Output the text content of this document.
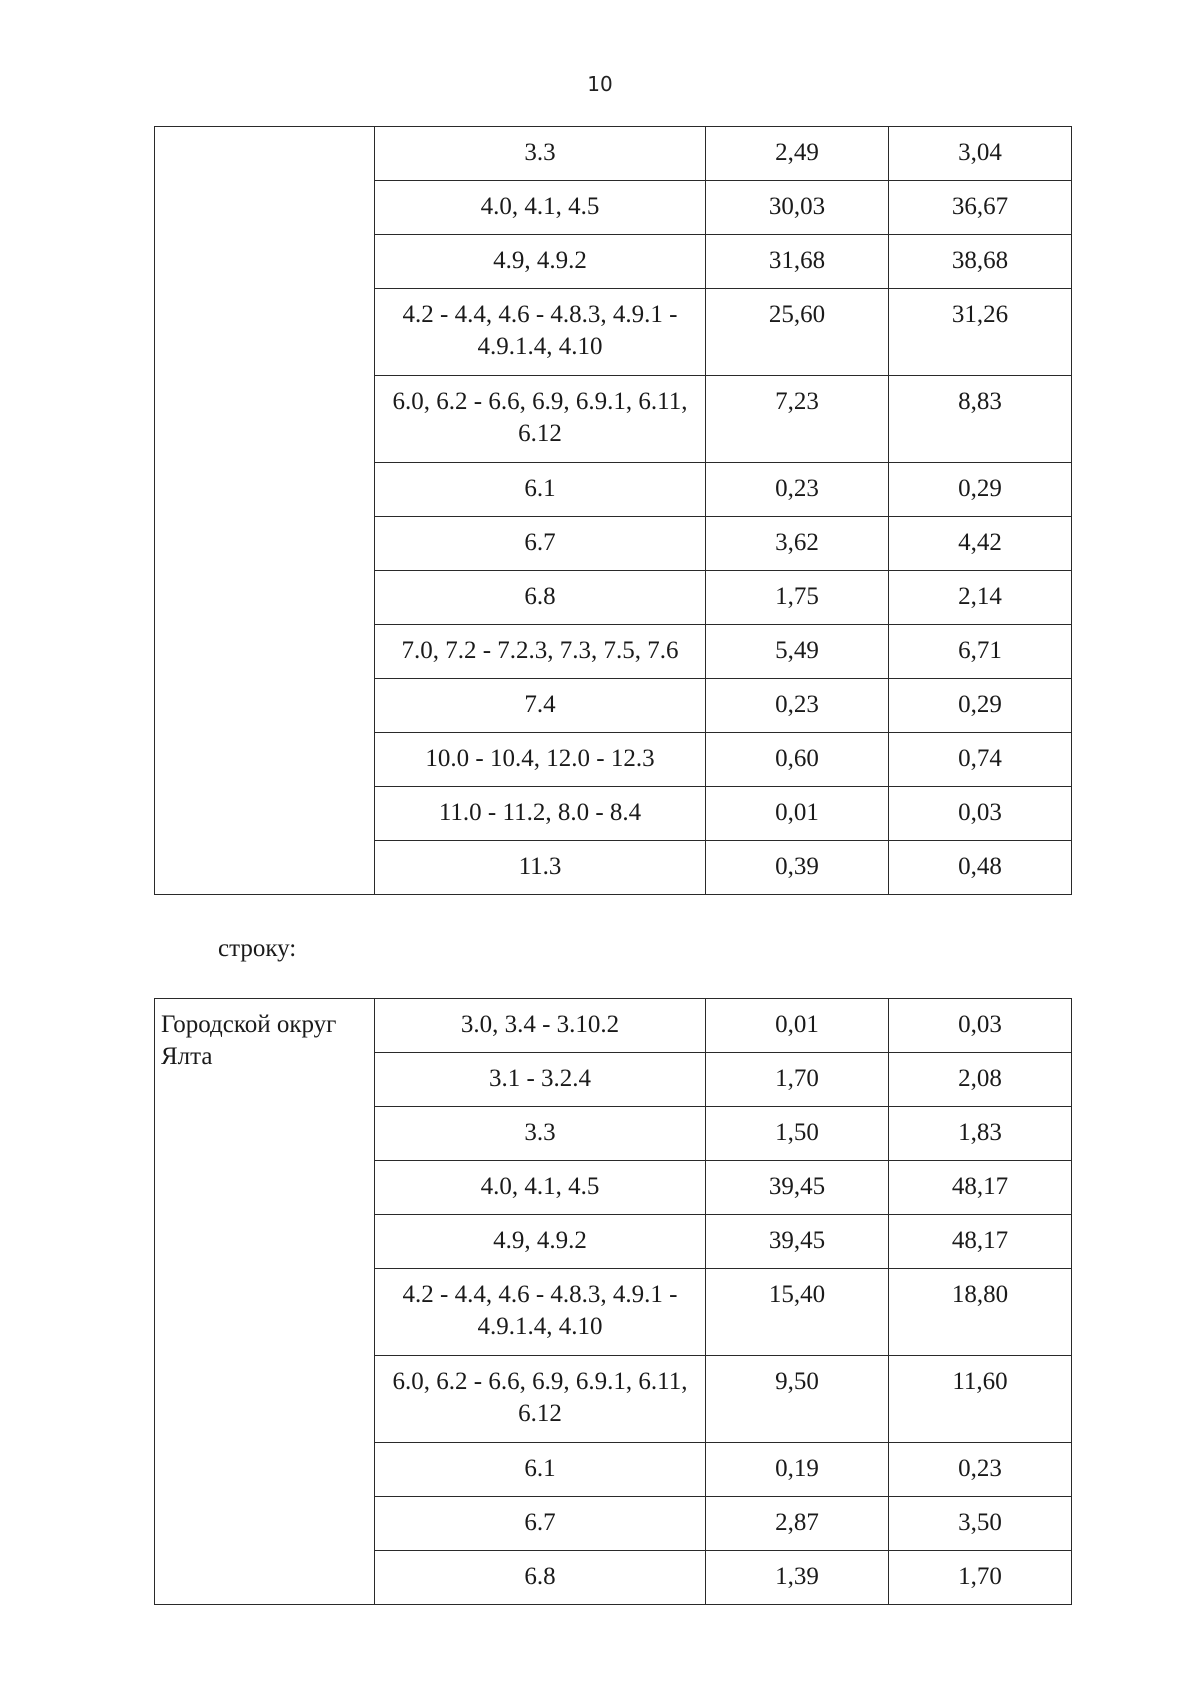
10
	3.3	2,49	3,04
	4.0, 4.1, 4.5	30,03	36,67
	4.9, 4.9.2	31,68	38,68
	4.2 - 4.4, 4.6 - 4.8.3, 4.9.1 - 4.9.1.4, 4.10	25,60	31,26
	6.0, 6.2 - 6.6, 6.9, 6.9.1, 6.11, 6.12	7,23	8,83
	6.1	0,23	0,29
	6.7	3,62	4,42
	6.8	1,75	2,14
	7.0, 7.2 - 7.2.3, 7.3, 7.5, 7.6	5,49	6,71
	7.4	0,23	0,29
	10.0 - 10.4, 12.0 - 12.3	0,60	0,74
	11.0 - 11.2, 8.0 - 8.4	0,01	0,03
	11.3	0,39	0,48
строку:
Городской округ Ялта	3.0, 3.4 - 3.10.2	0,01	0,03
	3.1 - 3.2.4	1,70	2,08
	3.3	1,50	1,83
	4.0, 4.1, 4.5	39,45	48,17
	4.9, 4.9.2	39,45	48,17
	4.2 - 4.4, 4.6 - 4.8.3, 4.9.1 - 4.9.1.4, 4.10	15,40	18,80
	6.0, 6.2 - 6.6, 6.9, 6.9.1, 6.11, 6.12	9,50	11,60
	6.1	0,19	0,23
	6.7	2,87	3,50
	6.8	1,39	1,70
